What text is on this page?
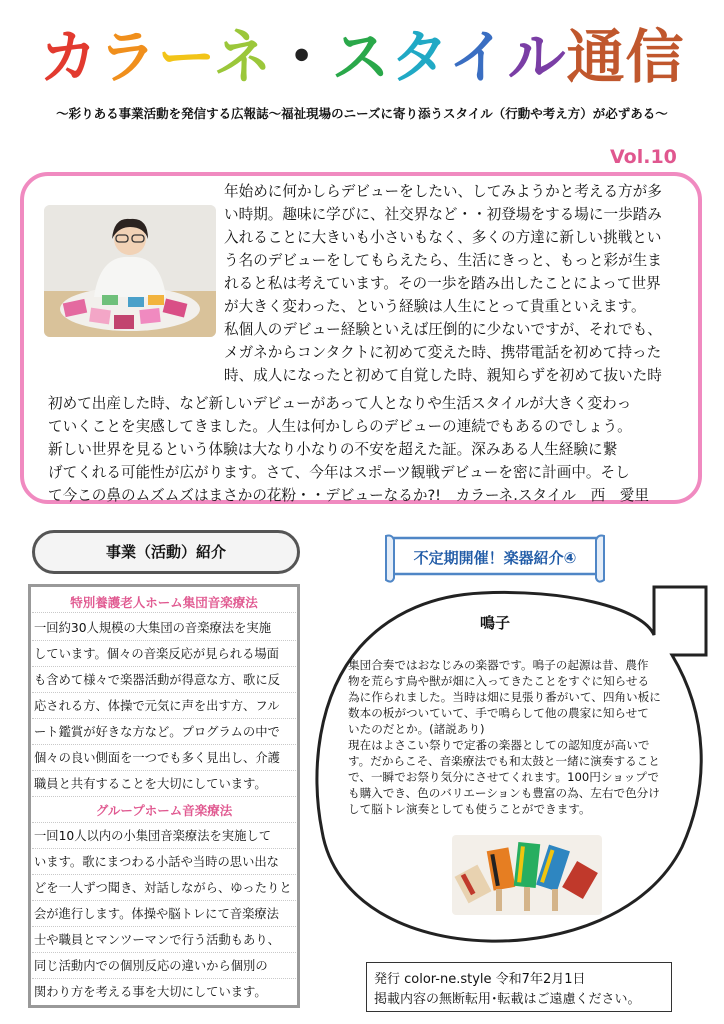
カラーネ・スタイル通信
～彩りある事業活動を発信する広報誌～福祉現場のニーズに寄り添うスタイル（行動や考え方）が必ずある～
Vol.10
年始めに何かしらデビューをしたい、してみようかと考える方が多
い時期。趣味に学びに、社交界など・・初登場をする場に一歩踏み
入れることに大きいも小さいもなく、多くの方達に新しい挑戦とい
う名のデビューをしてもらえたら、生活にきっと、もっと彩が生ま
れると私は考えています。その一歩を踏み出したことによって世界
が大きく変わった、という経験は人生にとって貴重といえます。
私個人のデビュー経験といえば圧倒的に少ないですが、それでも、
メガネからコンタクトに初めて変えた時、携帯電話を初めて持った
時、成人になったと初めて自覚した時、親知らずを初めて抜いた時
初めて出産した時、など新しいデビューがあって人となりや生活スタイルが大きく変わっ
ていくことを実感してきました。人生は何かしらのデビューの連続でもあるのでしょう。
新しい世界を見るという体験は大なり小なりの不安を超えた証。深みある人生経験に繋
げてくれる可能性が広がります。さて、今年はスポーツ観戦デビューを密に計画中。そし
て今この鼻のムズムズはまさかの花粉・・デビューなるか?!　カラーネ.スタイル　西　愛里
事業（活動）紹介
特別養護老人ホーム集団音楽療法
一回約30人規模の大集団の音楽療法を実施
しています。個々の音楽反応が見られる場面
も含めて様々で楽器活動が得意な方、歌に反
応される方、体操で元気に声を出す方、フル
ート鑑賞が好きな方など。プログラムの中で
個々の良い側面を一つでも多く見出し、介護
職員と共有することを大切にしています。
グループホーム音楽療法
一回10人以内の小集団音楽療法を実施して
います。歌にまつわる小話や当時の思い出な
どを一人ずつ聞き、対話しながら、ゆったりと
会が進行します。体操や脳トレにて音楽療法
士や職員とマンツーマンで行う活動もあり、
同じ活動内での個別反応の違いから個別の
関わり方を考える事を大切にしています。
不定期開催！楽器紹介④
鳴子
集団合奏ではおなじみの楽器です。鳴子の起源は昔、農作
物を荒らす鳥や獣が畑に入ってきたことをすぐに知らせる
為に作られました。当時は畑に見張り番がいて、四角い板に
数本の板がついていて、手で鳴らして他の農家に知らせて
いたのだとか。(諸説あり)
現在はよさこい祭りで定番の楽器としての認知度が高いで
す。だからこそ、音楽療法でも和太鼓と一緒に演奏すること
で、一瞬でお祭り気分にさせてくれます。100円ショップで
も購入でき、色のバリエーションも豊富の為、左右で色分け
して脳トレ演奏としても使うことができます。
発行 color-ne.style 令和7年2月1日
掲載内容の無断転用･転載はご遠慮ください。
